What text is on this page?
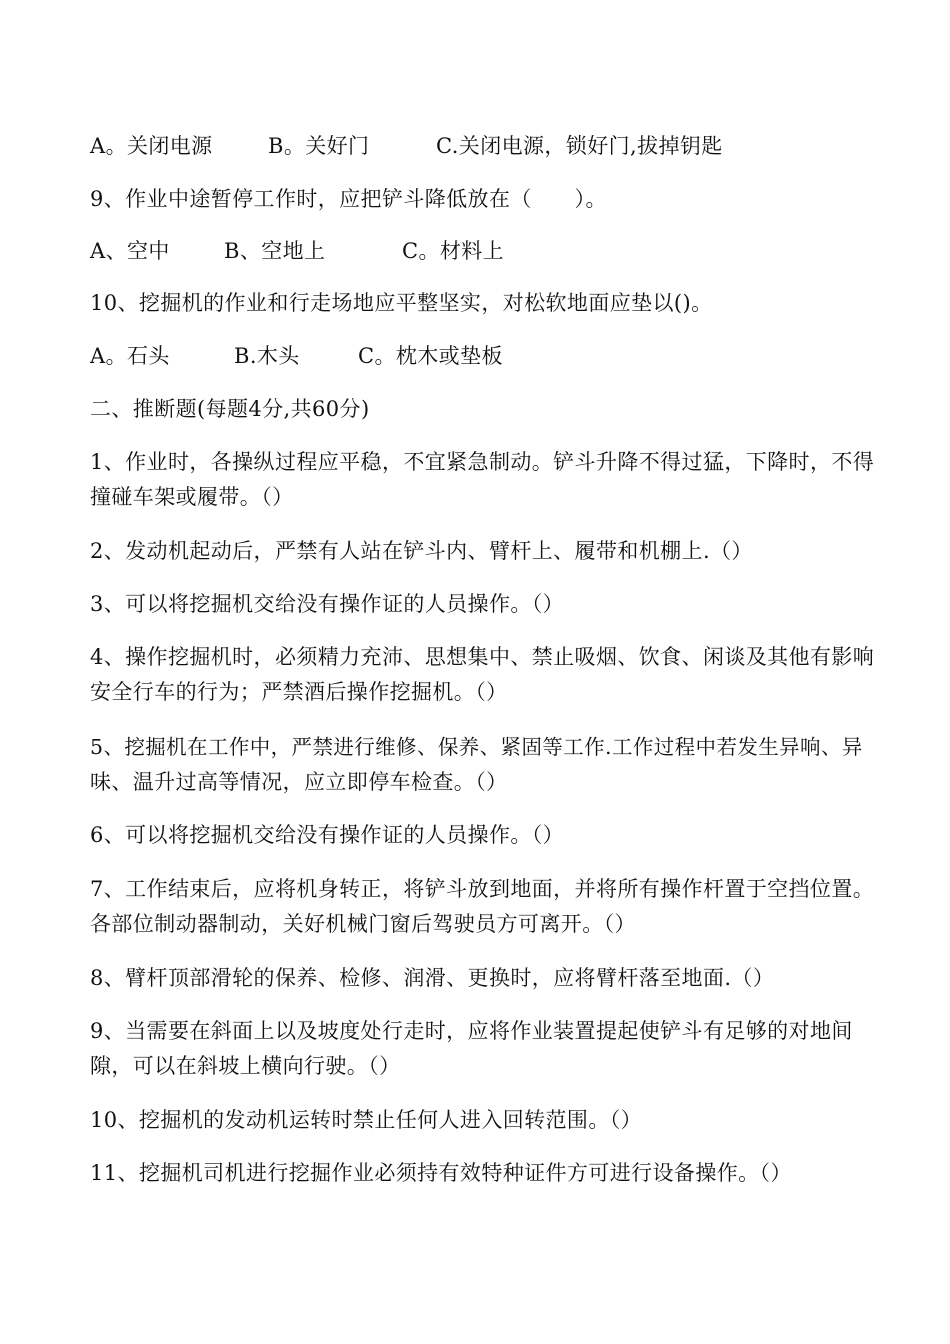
A。关闭电源	B。关好门	C.关闭电源，锁好门,拔掉钥匙
9、作业中途暂停工作时，应把铲斗降低放在（　　）。
A、空中	B、空地上	C。材料上
10、挖掘机的作业和行走场地应平整坚实，对松软地面应垫以()。
A。石头	B.木头	C。枕木或垫板
二、推断题(每题4分,共60分)
1、作业时，各操纵过程应平稳，不宜紧急制动。铲斗升降不得过猛，下降时，不得
撞碰车架或履带。（）
2、发动机起动后，严禁有人站在铲斗内、臂杆上、履带和机棚上.（）
3、可以将挖掘机交给没有操作证的人员操作。（）
4、操作挖掘机时，必须精力充沛、思想集中、禁止吸烟、饮食、闲谈及其他有影响
安全行车的行为；严禁酒后操作挖掘机。（）
5、挖掘机在工作中，严禁进行维修、保养、紧固等工作.工作过程中若发生异响、异
味、温升过高等情况，应立即停车检查。（）
6、可以将挖掘机交给没有操作证的人员操作。（）
7、工作结束后，应将机身转正，将铲斗放到地面，并将所有操作杆置于空挡位置。
各部位制动器制动，关好机械门窗后驾驶员方可离开。（）
8、臂杆顶部滑轮的保养、检修、润滑、更换时，应将臂杆落至地面.（）
9、当需要在斜面上以及坡度处行走时，应将作业装置提起使铲斗有足够的对地间
隙，可以在斜坡上横向行驶。（）
10、挖掘机的发动机运转时禁止任何人进入回转范围。（）
11、挖掘机司机进行挖掘作业必须持有效特种证件方可进行设备操作。（）
